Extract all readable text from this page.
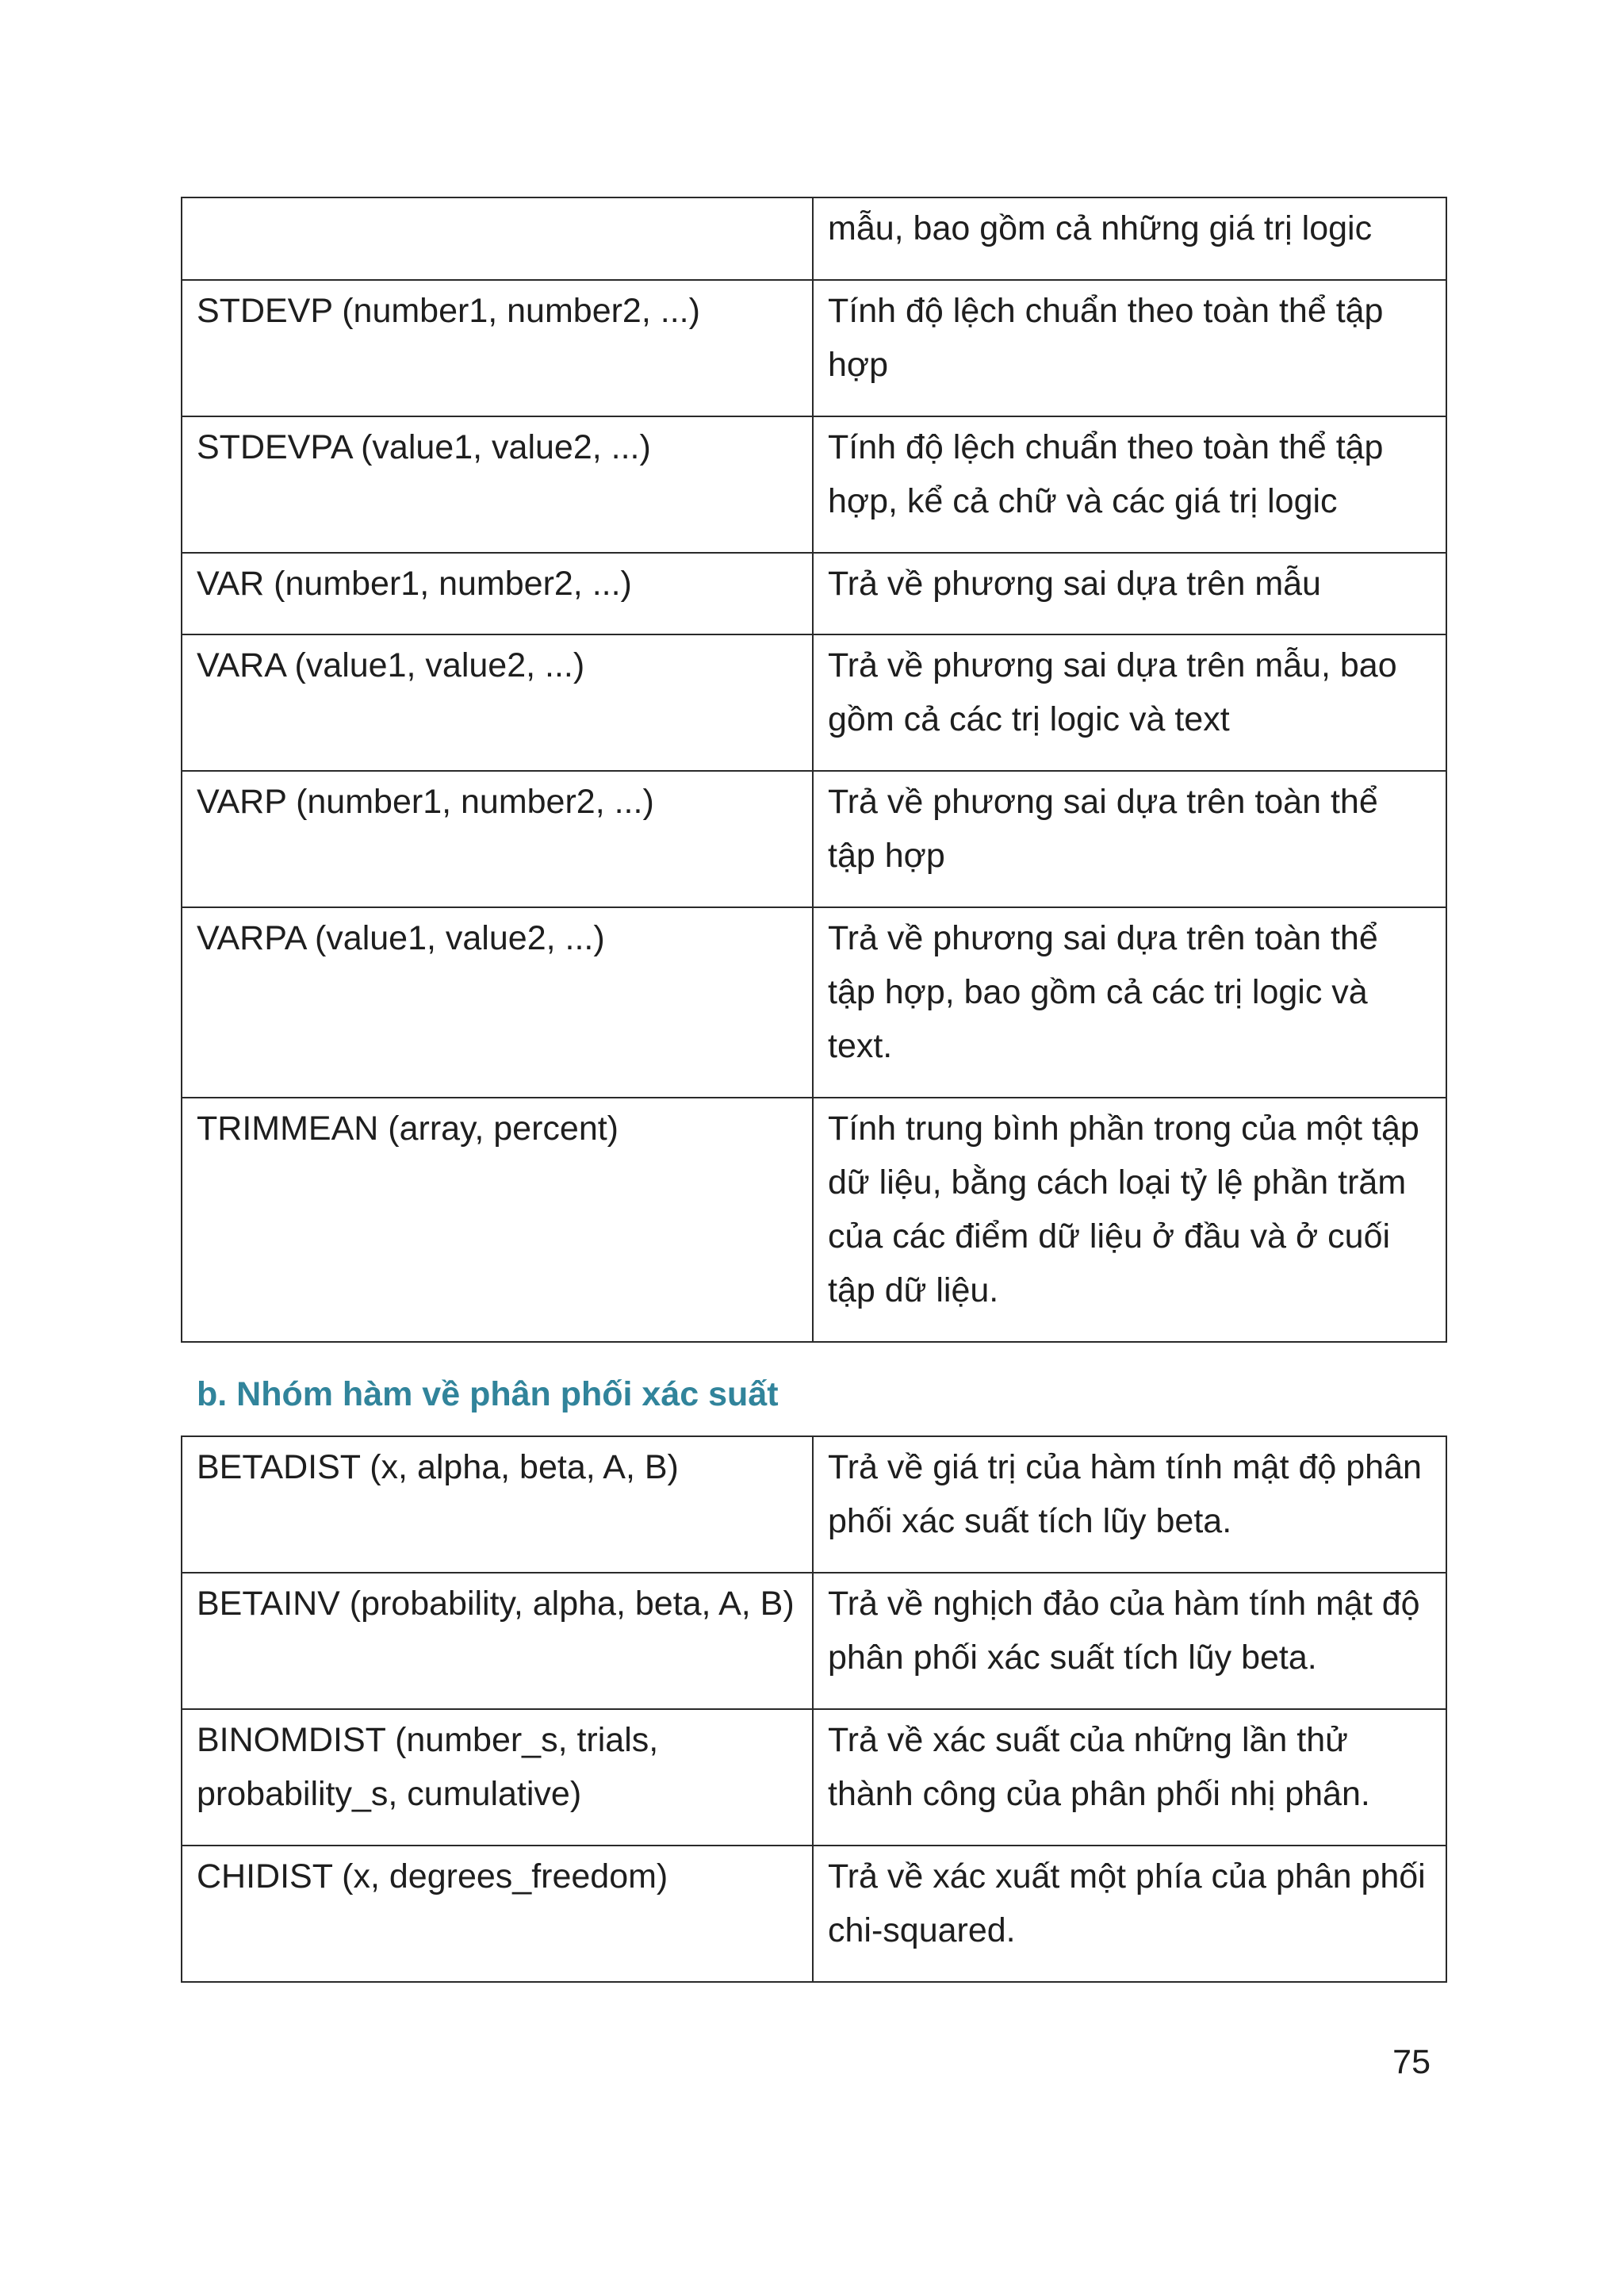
	mẫu, bao gồm cả những giá trị logic
STDEVP (number1, number2, ...)	Tính độ lệch chuẩn theo toàn thể tập hợp
STDEVPA (value1, value2, ...)	Tính độ lệch chuẩn theo toàn thể tập hợp, kể cả chữ và các giá trị logic
VAR (number1, number2, ...)	Trả về phương sai dựa trên mẫu
VARA (value1, value2, ...)	Trả về phương sai dựa trên mẫu, bao gồm cả các trị logic và text
VARP (number1, number2, ...)	Trả về phương sai dựa trên toàn thể tập hợp
VARPA (value1, value2, ...)	Trả về phương sai dựa trên toàn thể tập hợp, bao gồm cả các trị logic và text.
TRIMMEAN (array, percent)	Tính trung bình phần trong của một tập dữ liệu, bằng cách loại tỷ lệ phần trăm của các điểm dữ liệu ở đầu và ở cuối tập dữ liệu.
b. Nhóm hàm về phân phối xác suất
BETADIST (x, alpha, beta, A, B)	Trả về giá trị của hàm tính mật độ phân phối xác suất tích lũy beta.
BETAINV (probability, alpha, beta, A, B)	Trả về nghịch đảo của hàm tính mật độ phân phối xác suất tích lũy beta.
BINOMDIST (number_s, trials, probability_s, cumulative)	Trả về xác suất của những lần thử thành công của phân phối nhị phân.
CHIDIST (x, degrees_freedom)	Trả về xác xuất một phía của phân phối chi-squared.
75
